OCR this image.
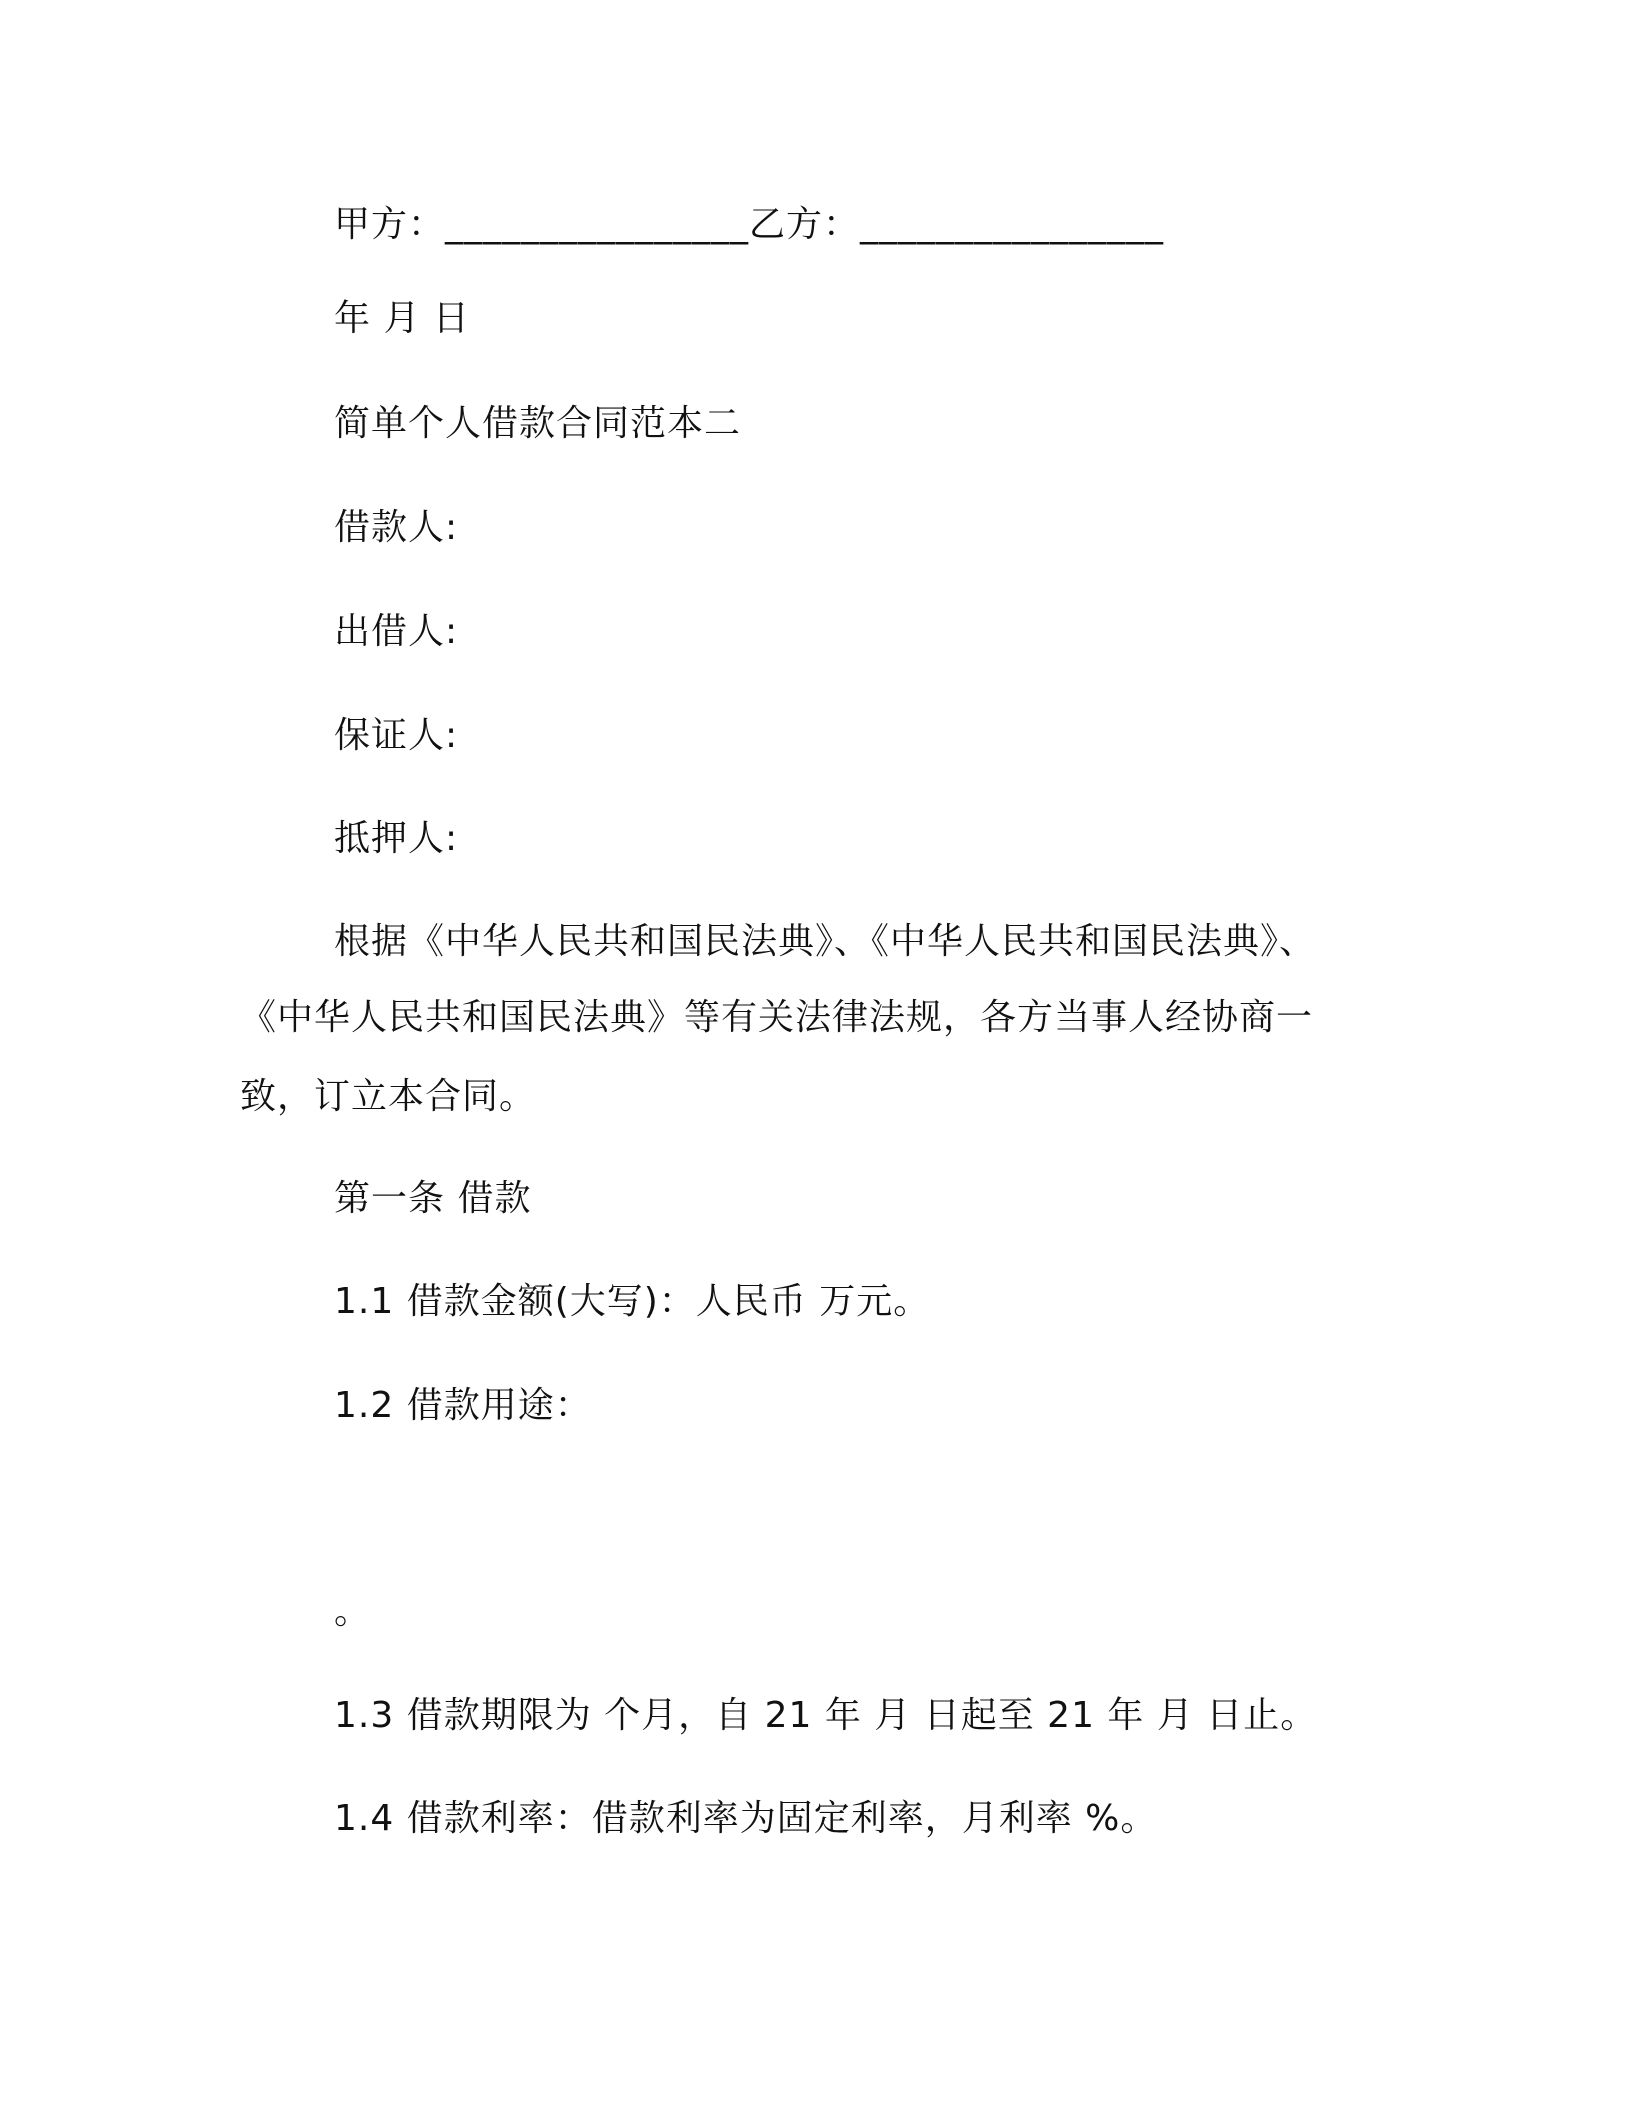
甲方：________________乙方：________________
年 月 日
简单个人借款合同范本二
借款人:
出借人:
保证人:
抵押人:
根据《中华人民共和国民法典》、《中华人民共和国民法典》、
《中华人民共和国民法典》等有关法律法规，各方当事人经协商一
致，订立本合同。
第一条 借款
1.1 借款金额(大写)：人民币 万元。
1.2 借款用途：
。
1.3 借款期限为 个月，自 21 年 月 日起至 21 年 月 日止。
1.4 借款利率：借款利率为固定利率，月利率 %。
